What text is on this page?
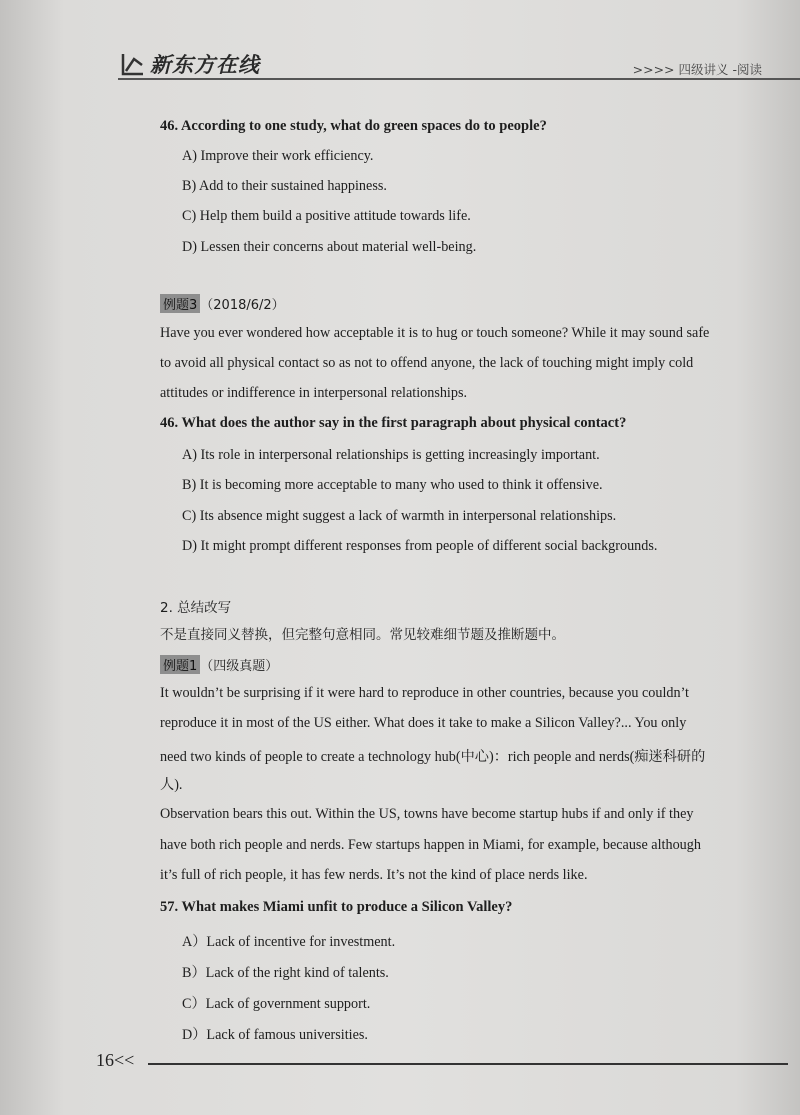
新东方在线	>>>> 四级讲义 -阅读
46. According to one study, what do green spaces do to people?
A) Improve their work efficiency.
B) Add to their sustained happiness.
C) Help them build a positive attitude towards life.
D) Lessen their concerns about material well-being.
例题3 （2018/6/2）
Have you ever wondered how acceptable it is to hug or touch someone? While it may sound safe
to avoid all physical contact so as not to offend anyone, the lack of touching might imply cold
attitudes or indifference in interpersonal relationships.
46. What does the author say in the first paragraph about physical contact?
A) Its role in interpersonal relationships is getting increasingly important.
B) It is becoming more acceptable to many who used to think it offensive.
C) Its absence might suggest a lack of warmth in interpersonal relationships.
D) It might prompt different responses from people of different social backgrounds.
2. 总结改写
不是直接同义替换，但完整句意相同。常见较难细节题及推断题中。
例题1 （四级真题）
It wouldn’t be surprising if it were hard to reproduce in other countries, because you couldn’t
reproduce it in most of the US either. What does it take to make a Silicon Valley?... You only
need two kinds of people to create a technology hub(中心)：rich people and nerds(痴迷科研的
人).
Observation bears this out. Within the US, towns have become startup hubs if and only if they
have both rich people and nerds. Few startups happen in Miami, for example, because although
it’s full of rich people, it has few nerds. It’s not the kind of place nerds like.
57. What makes Miami unfit to produce a Silicon Valley?
A）Lack of incentive for investment.
B）Lack of the right kind of talents.
C）Lack of government support.
D）Lack of famous universities.
16<<
